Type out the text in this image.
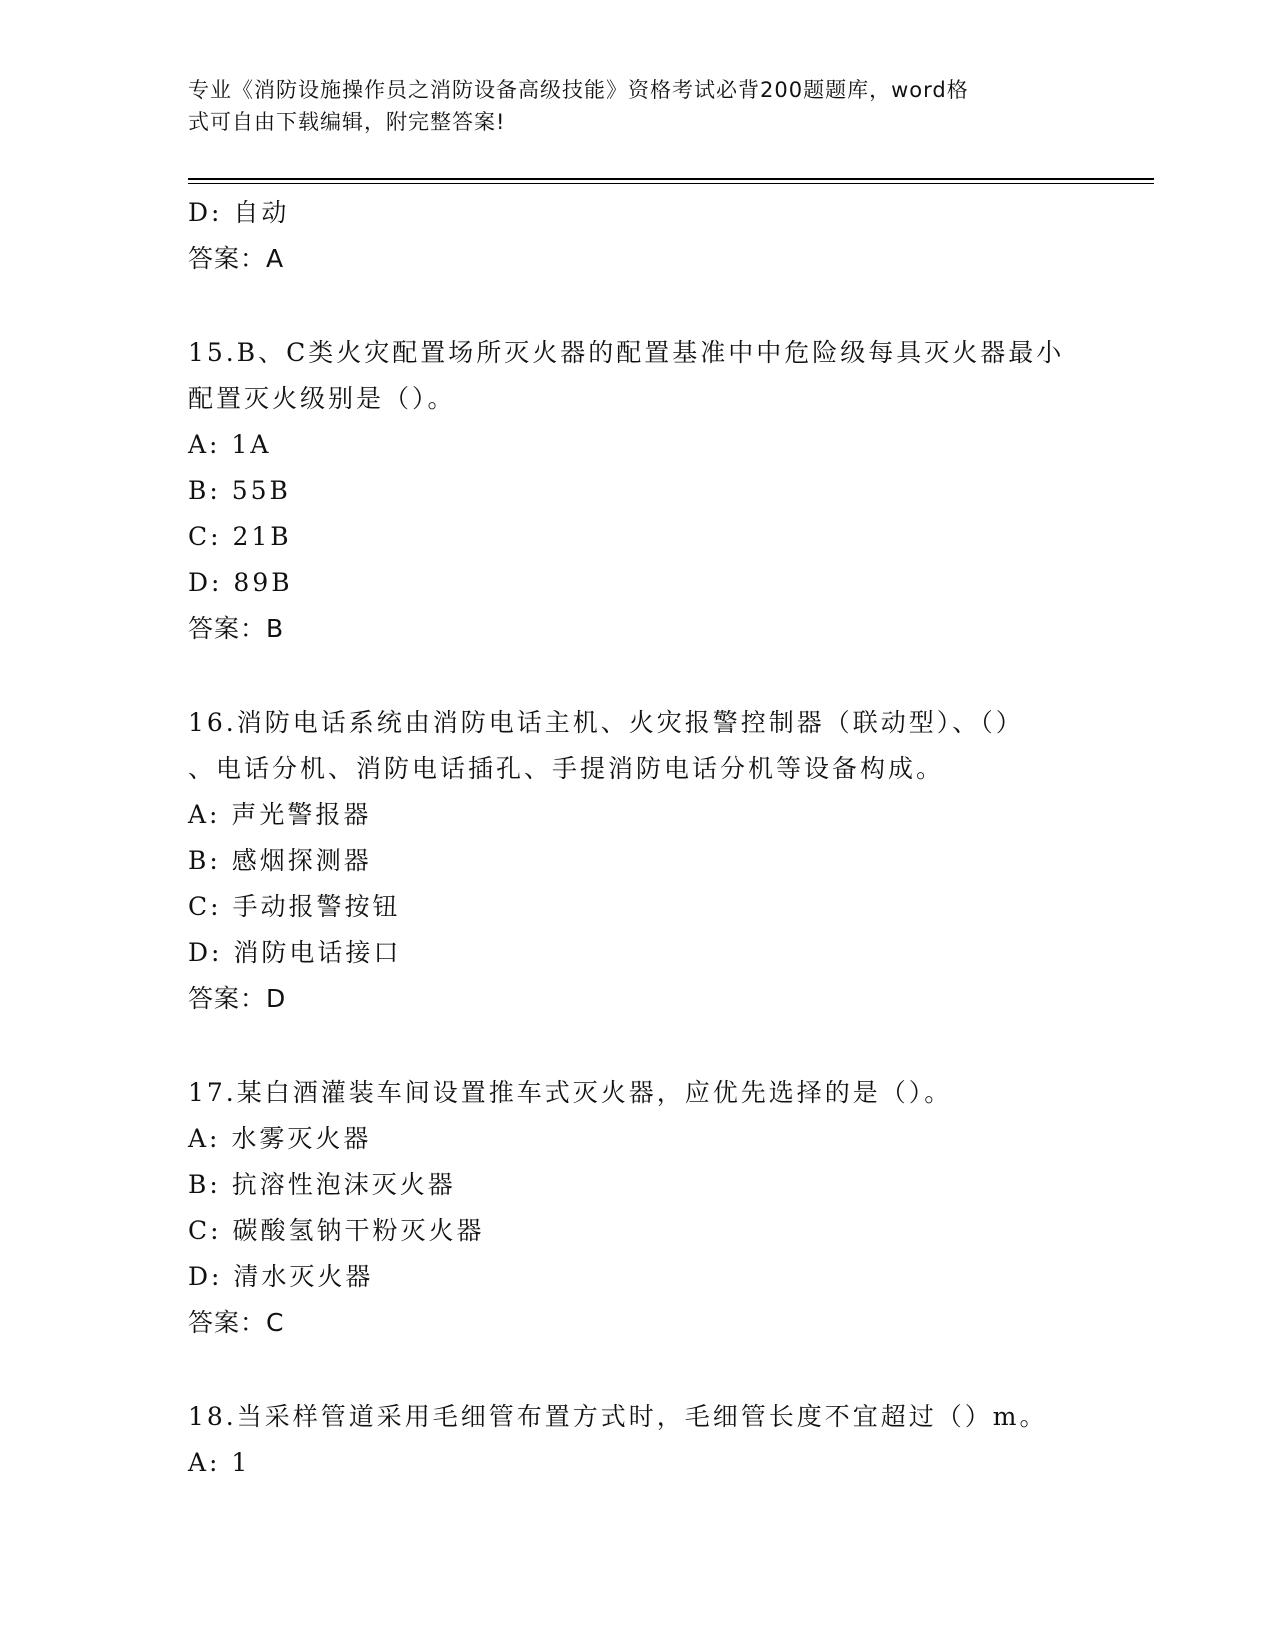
专业《消防设施操作员之消防设备高级技能》资格考试必背200题题库，word格
式可自由下载编辑，附完整答案!
D: 自动
答案：A
15.B、C类火灾配置场所灭火器的配置基准中中危险级每具灭火器最小
配置灭火级别是（）。
A: 1A
B: 55B
C: 21B
D: 89B
答案：B
16.消防电话系统由消防电话主机、火灾报警控制器（联动型）、（）
、电话分机、消防电话插孔、手提消防电话分机等设备构成。
A: 声光警报器
B: 感烟探测器
C: 手动报警按钮
D: 消防电话接口
答案：D
17.某白酒灌装车间设置推车式灭火器，应优先选择的是（）。
A: 水雾灭火器
B: 抗溶性泡沫灭火器
C: 碳酸氢钠干粉灭火器
D: 清水灭火器
答案：C
18.当采样管道采用毛细管布置方式时，毛细管长度不宜超过（）m。
A: 1
